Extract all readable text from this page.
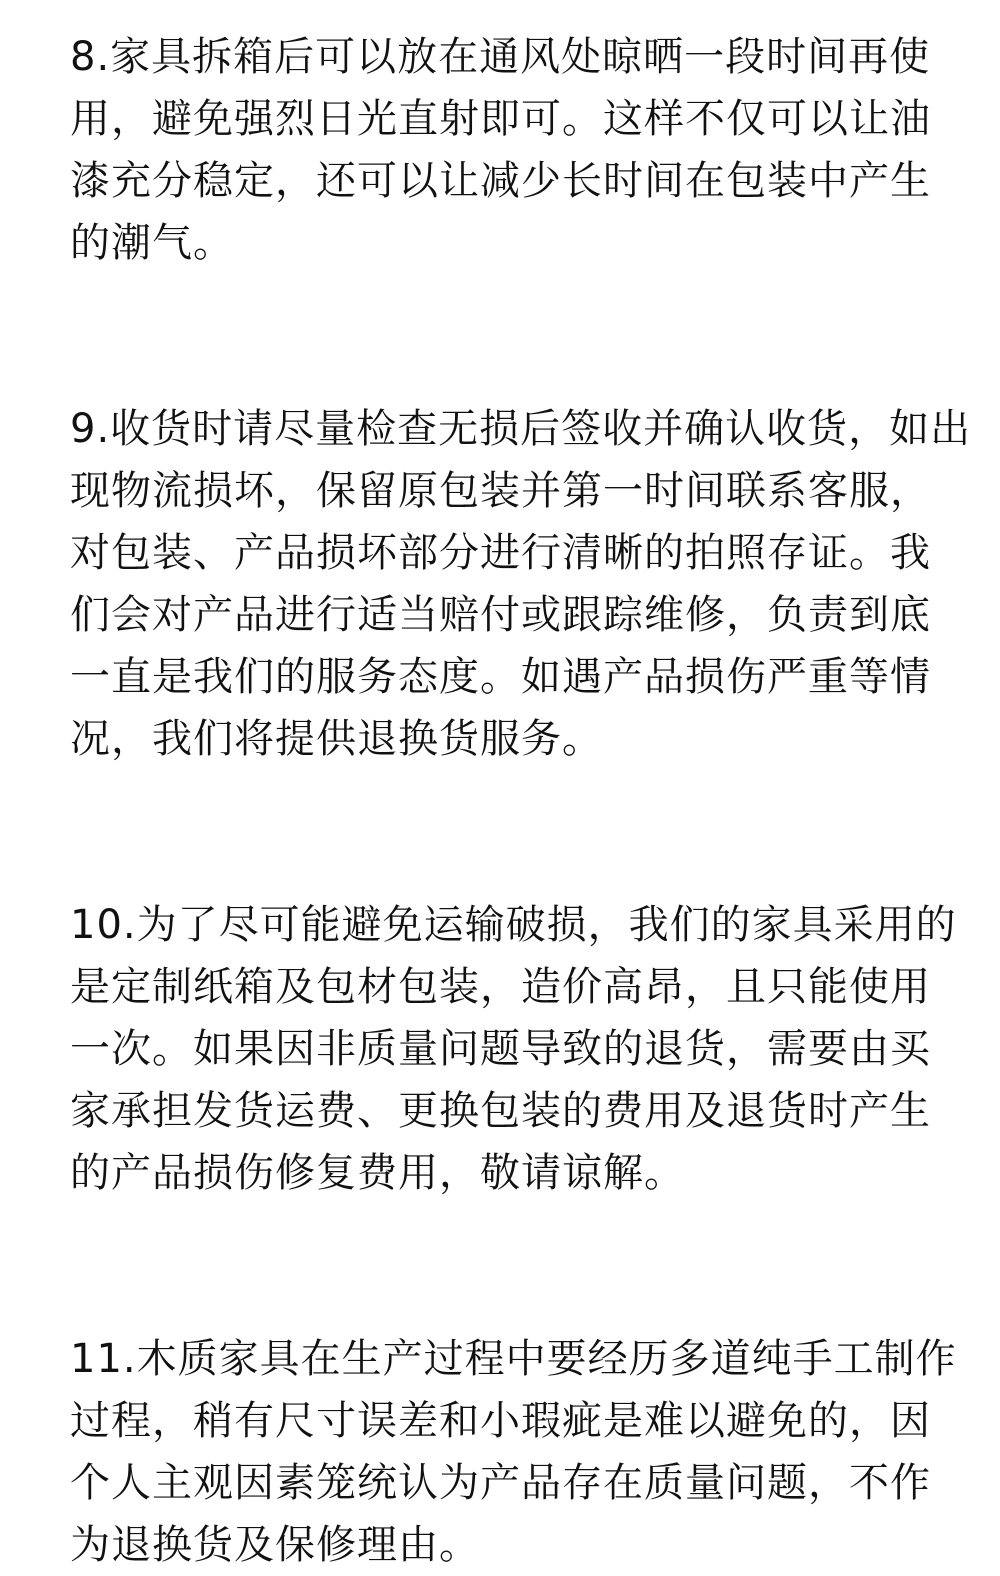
8.家具拆箱后可以放在通风处晾晒一段时间再使
用，避免强烈日光直射即可。这样不仅可以让油
漆充分稳定，还可以让减少长时间在包装中产生
的潮气。
9.收货时请尽量检查无损后签收并确认收货，如出
现物流损坏，保留原包装并第一时间联系客服，
对包装、产品损坏部分进行清晰的拍照存证。我
们会对产品进行适当赔付或跟踪维修，负责到底
一直是我们的服务态度。如遇产品损伤严重等情
况，我们将提供退换货服务。
10.为了尽可能避免运输破损，我们的家具采用的
是定制纸箱及包材包装，造价高昂，且只能使用
一次。如果因非质量问题导致的退货，需要由买
家承担发货运费、更换包装的费用及退货时产生
的产品损伤修复费用，敬请谅解。
11.木质家具在生产过程中要经历多道纯手工制作
过程，稍有尺寸误差和小瑕疵是难以避免的，因
个人主观因素笼统认为产品存在质量问题，不作
为退换货及保修理由。
